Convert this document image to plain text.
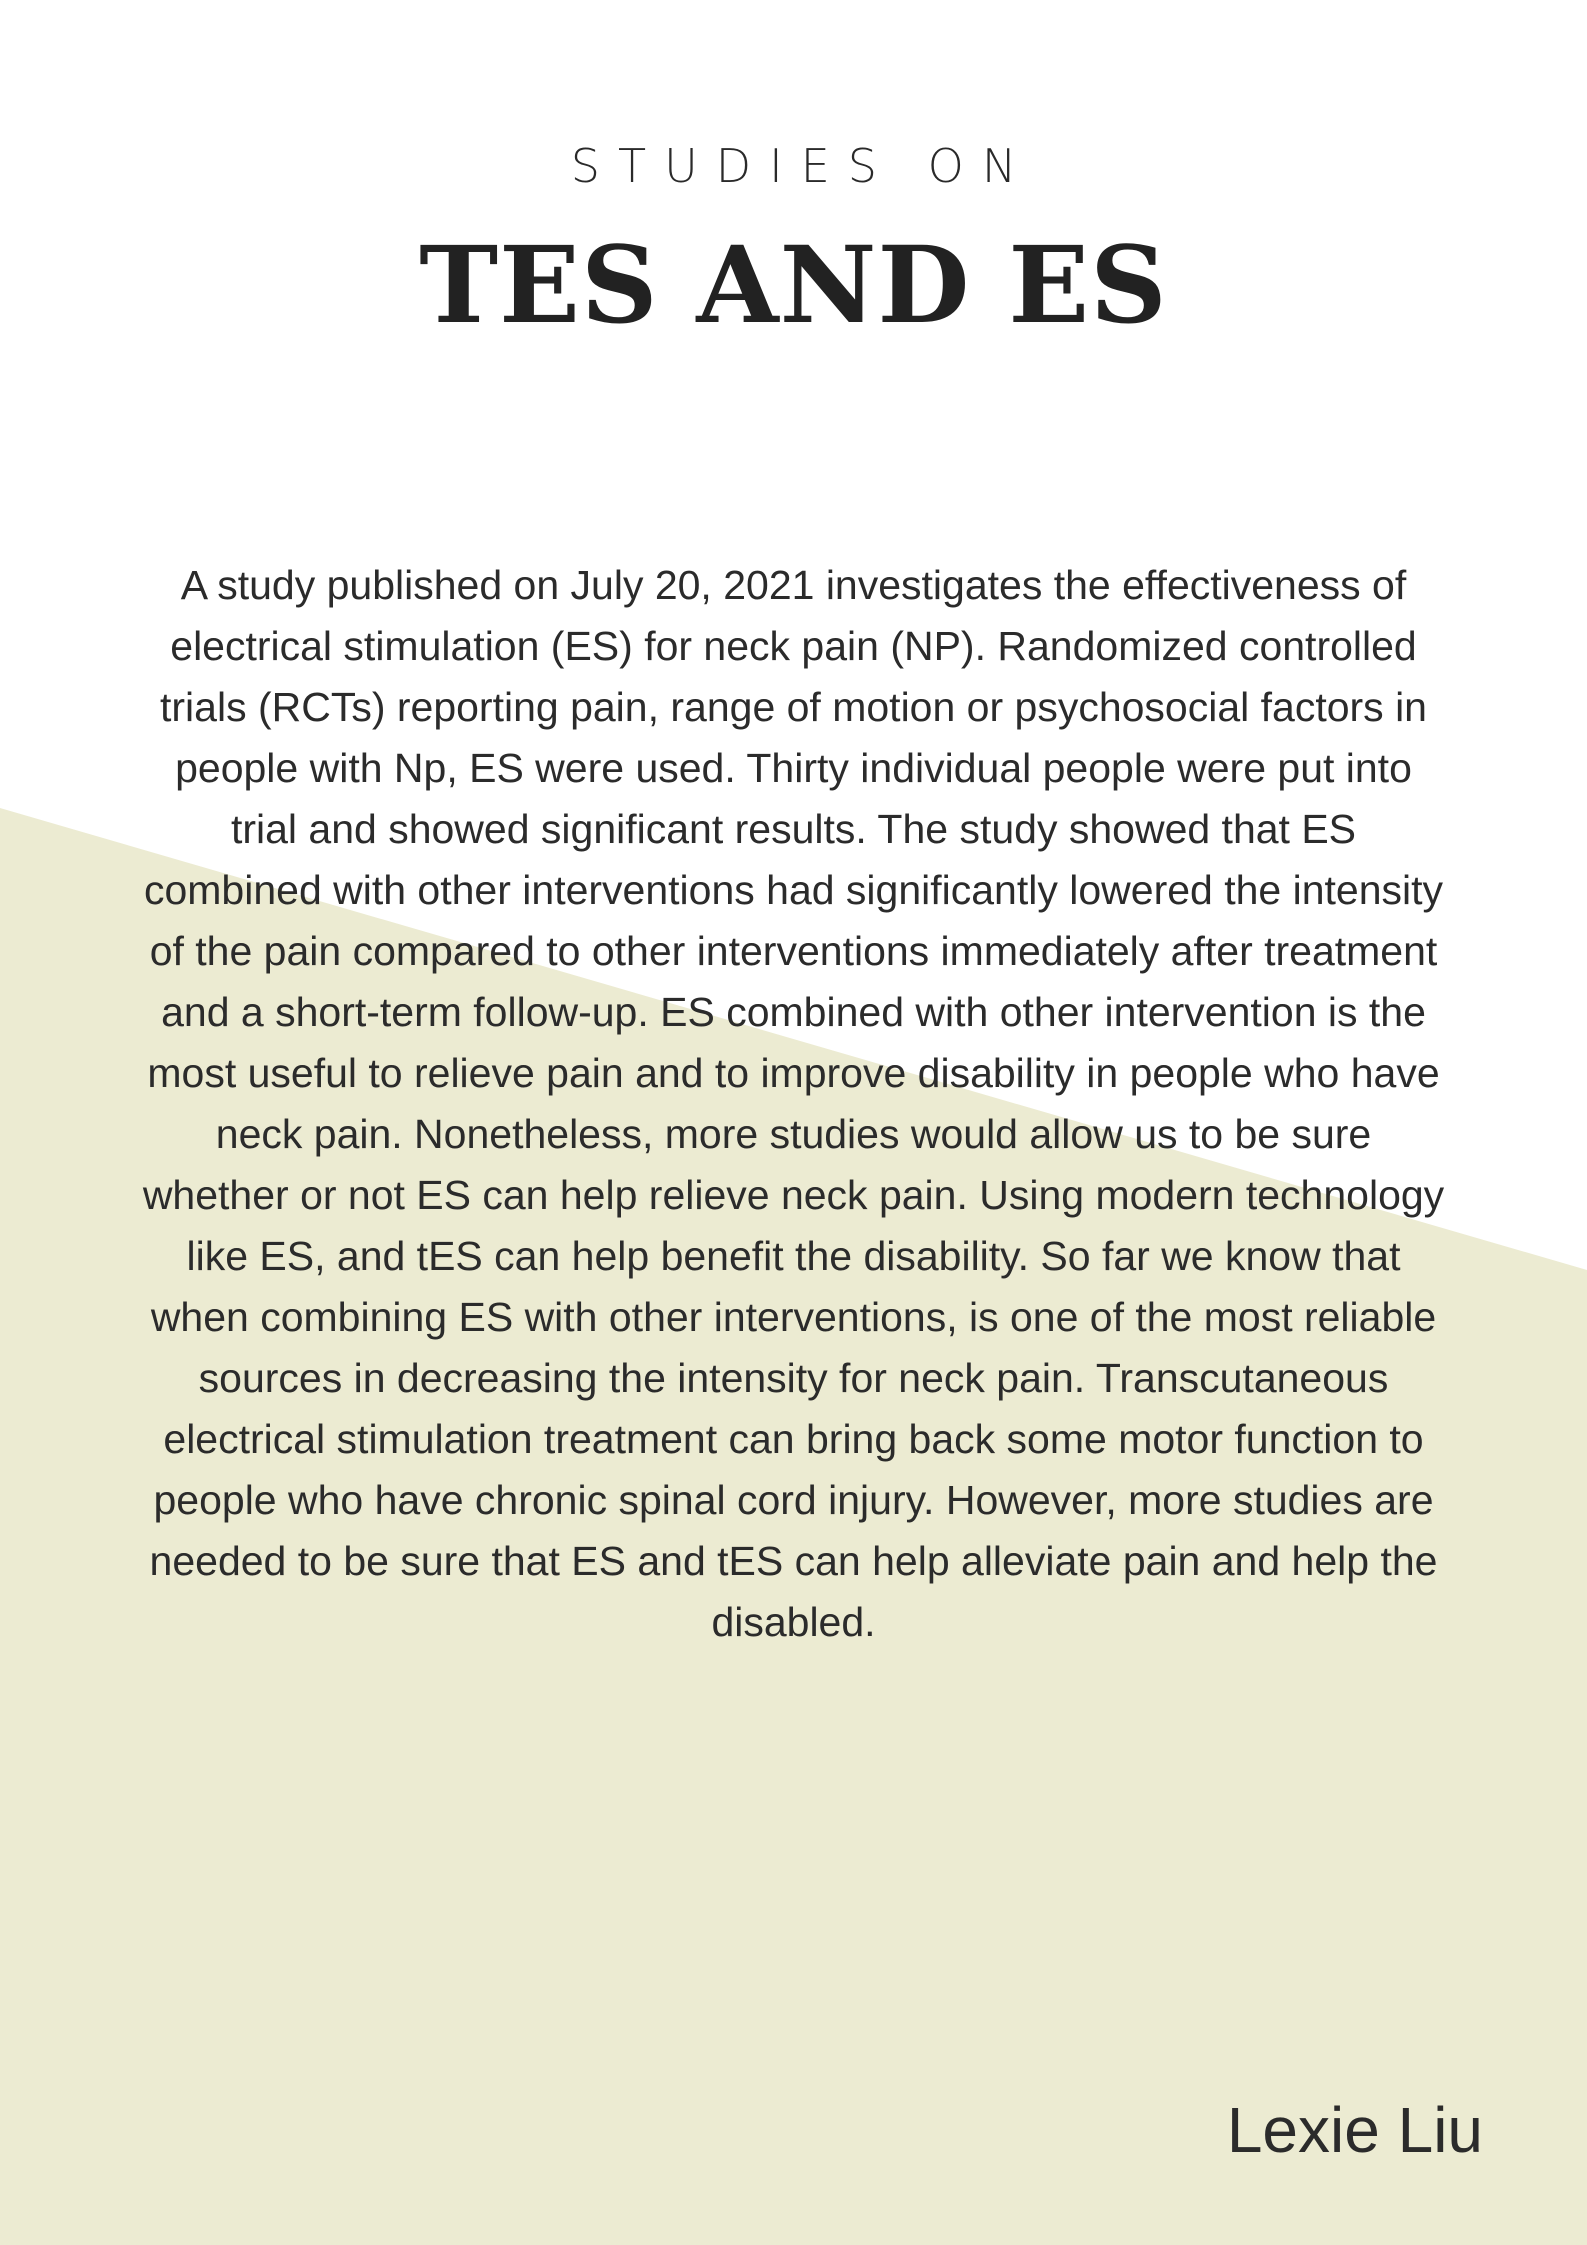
STUDIES ON
TES AND ES

A study published on July 20, 2021 investigates the effectiveness of electrical stimulation (ES) for neck pain (NP). Randomized controlled trials (RCTs) reporting pain, range of motion or psychosocial factors in people with Np, ES were used. Thirty individual people were put into trial and showed significant results. The study showed that ES combined with other interventions had significantly lowered the intensity of the pain compared to other interventions immediately after treatment and a short-term follow-up. ES combined with other intervention is the most useful to relieve pain and to improve disability in people who have neck pain. Nonetheless, more studies would allow us to be sure whether or not ES can help relieve neck pain. Using modern technology like ES, and tES can help benefit the disability. So far we know that when combining ES with other interventions, is one of the most reliable sources in decreasing the intensity for neck pain. Transcutaneous electrical stimulation treatment can bring back some motor function to people who have chronic spinal cord injury. However, more studies are needed to be sure that ES and tES can help alleviate pain and help the disabled.

Lexie Liu
